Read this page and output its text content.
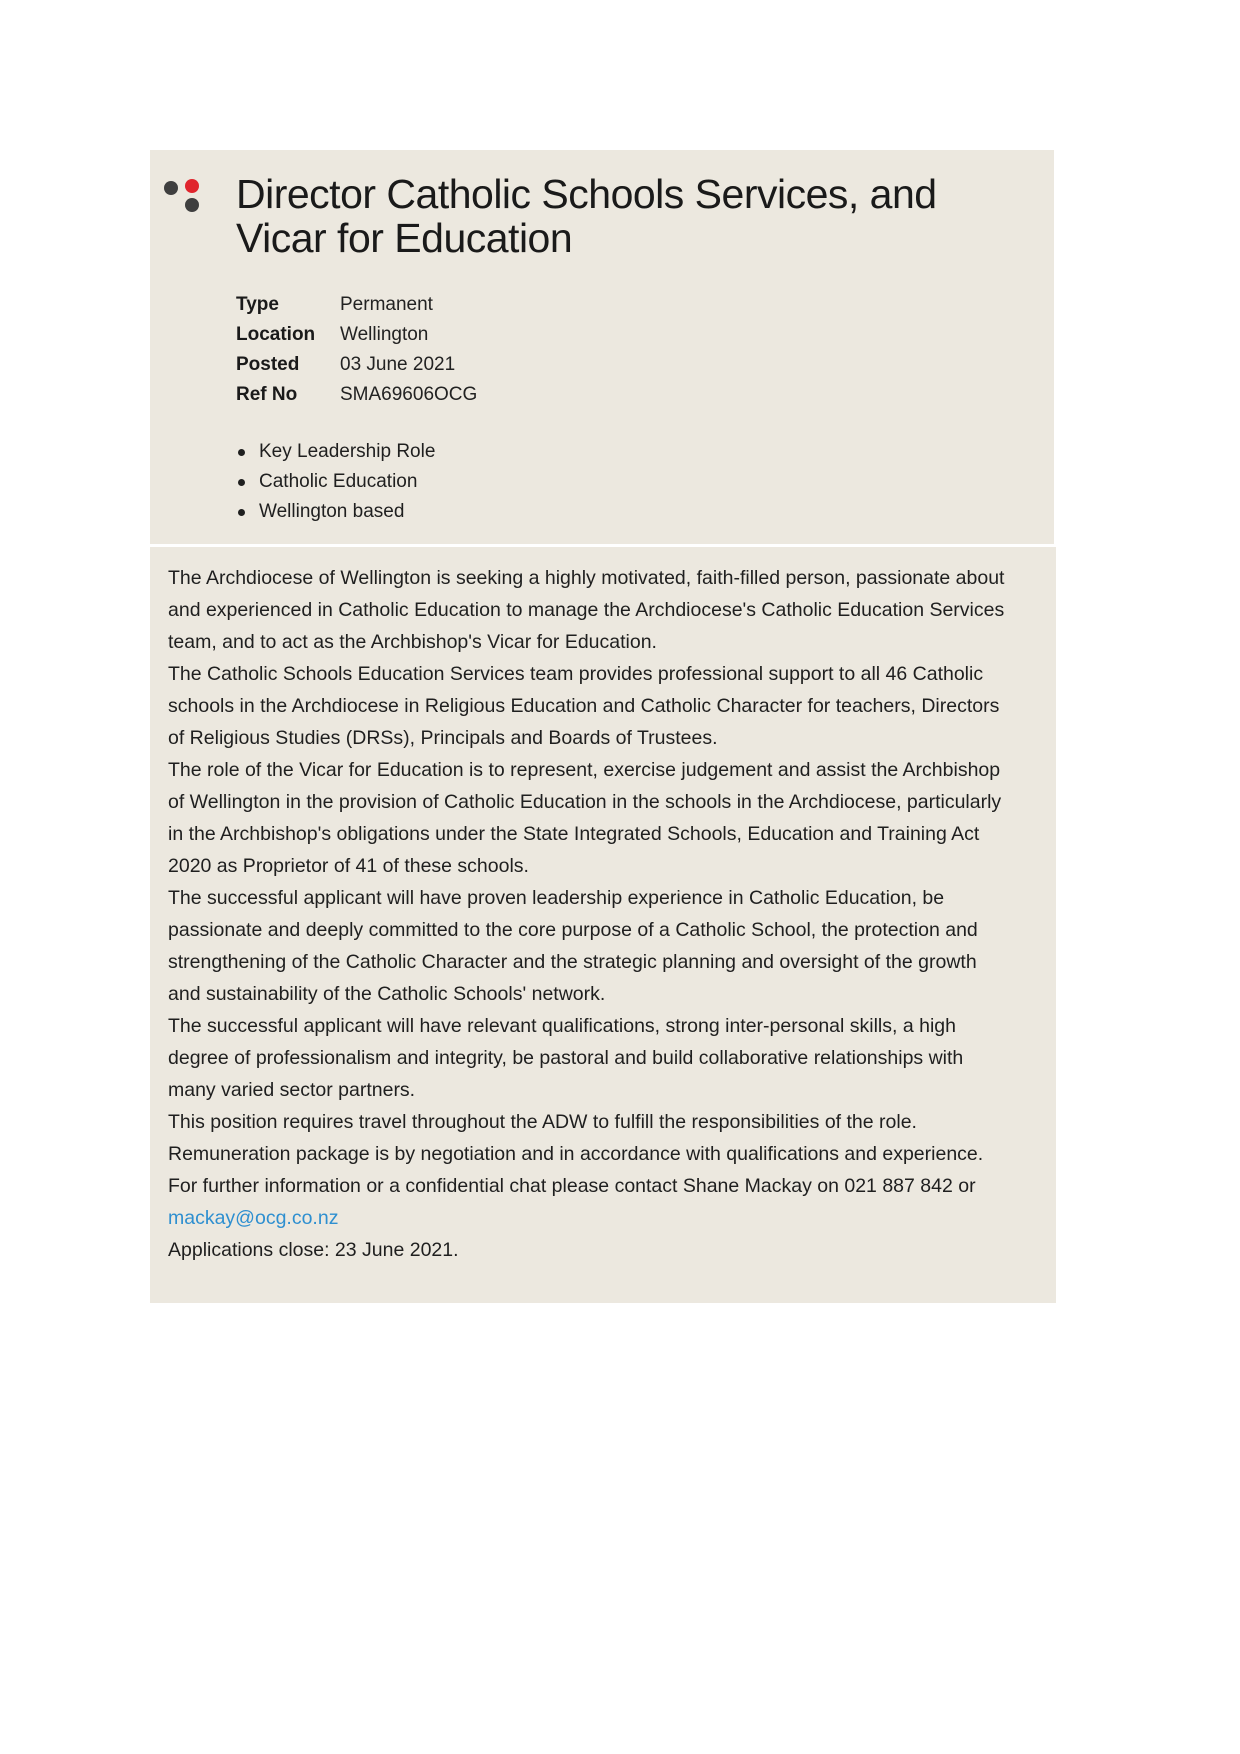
Director Catholic Schools Services, and Vicar for Education
Type	Permanent
Location	Wellington
Posted	03 June 2021
Ref No	SMA69606OCG
Key Leadership Role
Catholic Education
Wellington based

The Archdiocese of Wellington is seeking a highly motivated, faith-filled person, passionate about and experienced in Catholic Education to manage the Archdiocese's Catholic Education Services team, and to act as the Archbishop's Vicar for Education.

The Catholic Schools Education Services team provides professional support to all 46 Catholic schools in the Archdiocese in Religious Education and Catholic Character for teachers, Directors of Religious Studies (DRSs), Principals and Boards of Trustees.

The role of the Vicar for Education is to represent, exercise judgement and assist the Archbishop of Wellington in the provision of Catholic Education in the schools in the Archdiocese, particularly in the Archbishop's obligations under the State Integrated Schools, Education and Training Act 2020 as Proprietor of 41 of these schools.

The successful applicant will have proven leadership experience in Catholic Education, be passionate and deeply committed to the core purpose of a Catholic School, the protection and strengthening of the Catholic Character and the strategic planning and oversight of the growth and sustainability of the Catholic Schools' network.

The successful applicant will have relevant qualifications, strong inter-personal skills, a high degree of professionalism and integrity, be pastoral and build collaborative relationships with many varied sector partners.

This position requires travel throughout the ADW to fulfill the responsibilities of the role.

Remuneration package is by negotiation and in accordance with qualifications and experience.

For further information or a confidential chat please contact Shane Mackay on 021 887 842 or
mackay@ocg.co.nz

Applications close: 23 June 2021.
